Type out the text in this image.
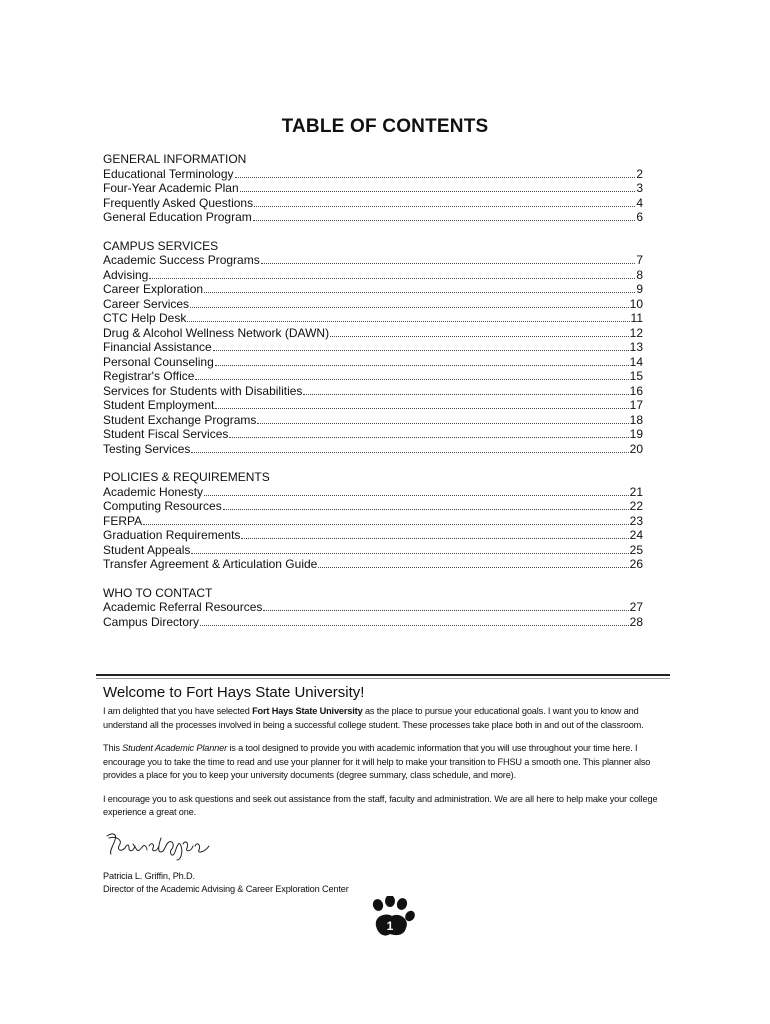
TABLE OF CONTENTS
GENERAL INFORMATION
Educational Terminology	2
Four-Year Academic Plan	3
Frequently Asked Questions	4
General Education Program	6
CAMPUS SERVICES
Academic Success Programs	7
Advising	8
Career Exploration	9
Career Services	10
CTC Help Desk	11
Drug & Alcohol Wellness Network (DAWN)	12
Financial Assistance	13
Personal Counseling	14
Registrar's Office	15
Services for Students with Disabilities	16
Student Employment	17
Student Exchange Programs	18
Student Fiscal Services	19
Testing Services	20
POLICIES & REQUIREMENTS
Academic Honesty	21
Computing Resources	22
FERPA	23
Graduation Requirements	24
Student Appeals	25
Transfer Agreement & Articulation Guide	26
WHO TO CONTACT
Academic Referral Resources	27
Campus Directory	28
Welcome to Fort Hays State University!

I am delighted that you have selected Fort Hays State University as the place to pursue your educational goals. I want you to know and understand all the processes involved in being a successful college student. These processes take place both in and out of the classroom.

This Student Academic Planner is a tool designed to provide you with academic information that you will use throughout your time here. I encourage you to take the time to read and use your planner for it will help to make your transition to FHSU a smooth one. This planner also provides a place for you to keep your university documents (degree summary, class schedule, and more).

I encourage you to ask questions and seek out assistance from the staff, faculty and administration. We are all here to help make your college experience a great one.

Patricia L. Griffin, Ph.D.
Director of the Academic Advising & Career Exploration Center
1
